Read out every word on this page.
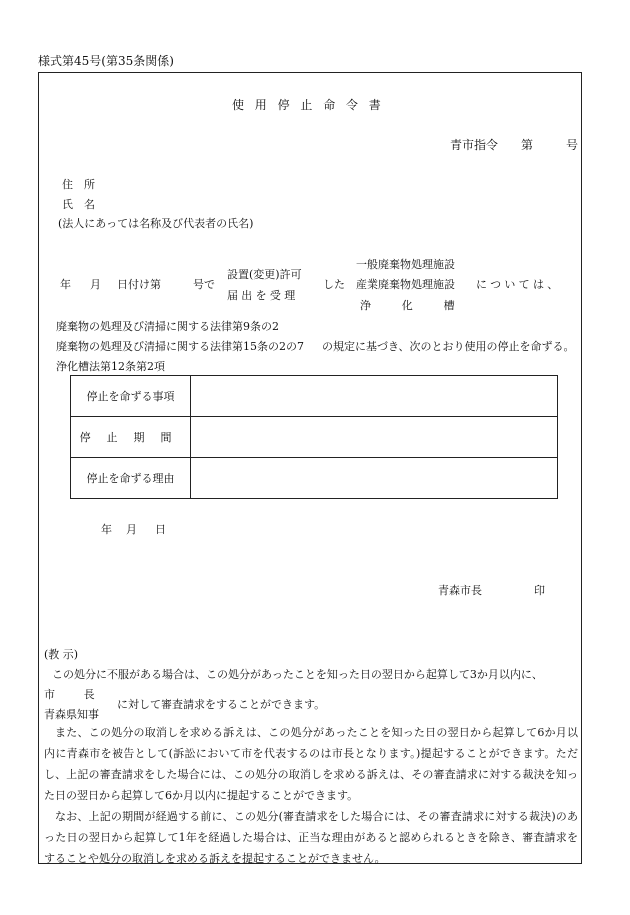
様式第45号(第35条関係)
使用停止命令書
青市指令 第	号
住所
氏名
(法人にあっては名称及び代表者の氏名)
年 月 日付け第	号で
設置(変更)許可
届出を受理
した
一般廃棄物処理施設
産業廃棄物処理施設
浄化槽
については、
廃棄物の処理及び清掃に関する法律第9条の2
廃棄物の処理及び清掃に関する法律第15条の2の7 の規定に基づき、次のとおり使用の停止を命ずる。
浄化槽法第12条第2項
停止を命ずる事項	
停止期間	
停止を命ずる理由	
年 月 日
青森市長	印
(教 示)
この処分に不服がある場合は、この処分があったことを知った日の翌日から起算して3か月以内に、
市長
青森県知事
に対して審査請求をすることができます。

また、この処分の取消しを求める訴えは、この処分があったことを知った日の翌日から起算して6か月以内に青森市を被告として(訴訟において市を代表するのは市長となります。)提起することができます。ただし、上記の審査請求をした場合には、この処分の取消しを求める訴えは、その審査請求に対する裁決を知った日の翌日から起算して6か月以内に提起することができます。

なお、上記の期間が経過する前に、この処分(審査請求をした場合には、その審査請求に対する裁決)のあった日の翌日から起算して1年を経過した場合は、正当な理由があると認められるときを除き、審査請求をすることや処分の取消しを求める訴えを提起することができません。
